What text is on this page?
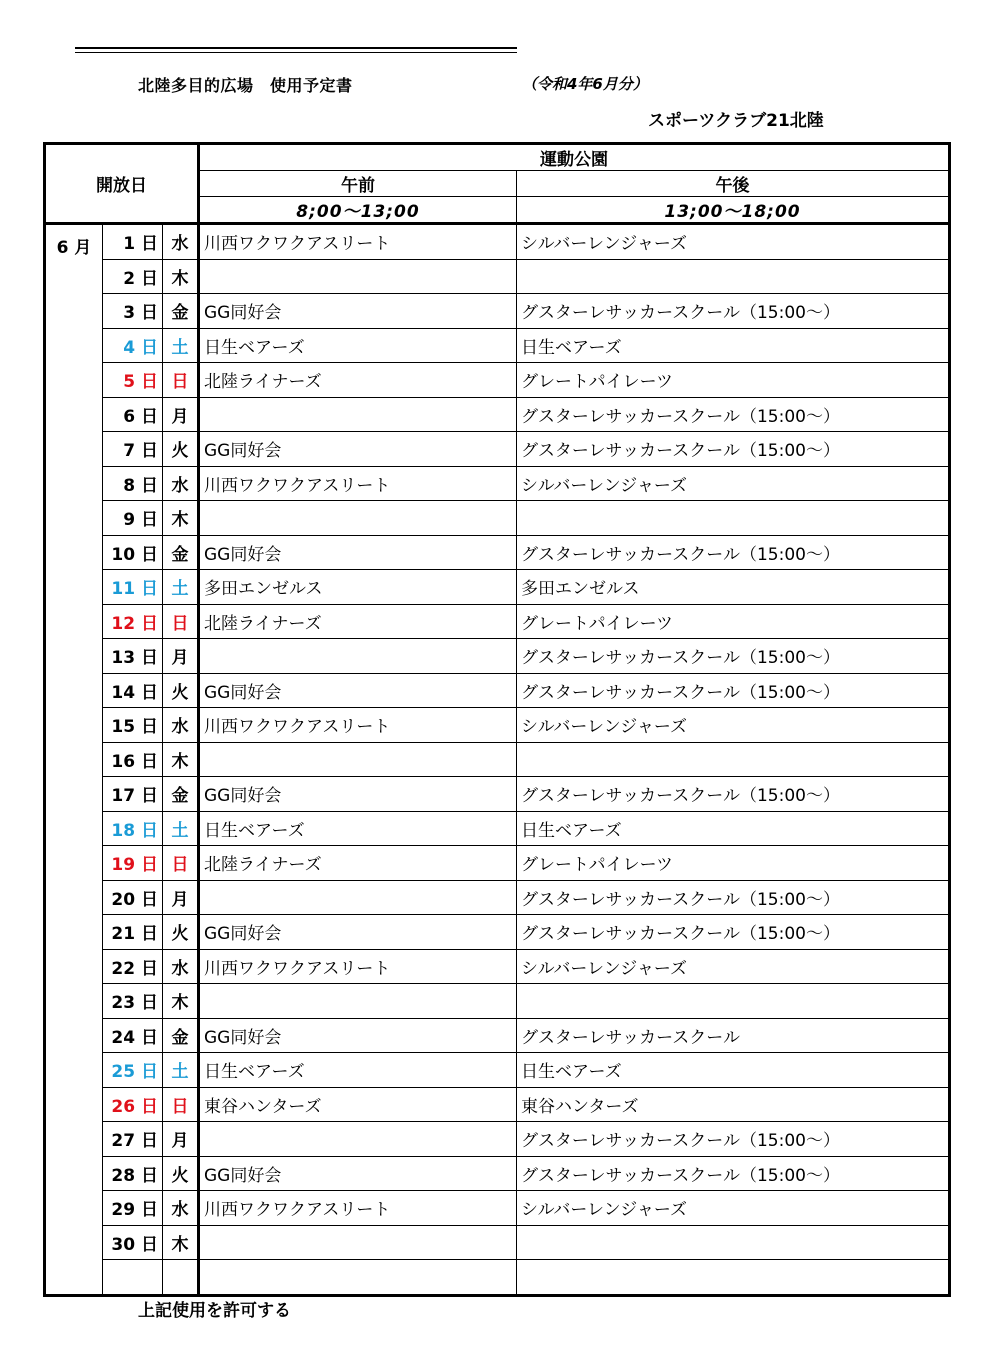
北陸多目的広場　使用予定書	（令和4年6月分）
スポーツクラブ21北陸
開放日			運動公園	
			午前	午後
			8;00～13;00	13;00～18;00
6 月	1 日	水	川西ワクワクアスリート	シルバーレンジャーズ
	2 日	木		
	3 日	金	GG同好会	グスターレサッカースクール（15:00～）
	4 日	土	日生ベアーズ	日生ベアーズ
	5 日	日	北陸ライナーズ	グレートパイレーツ
	6 日	月		グスターレサッカースクール（15:00～）
	7 日	火	GG同好会	グスターレサッカースクール（15:00～）
	8 日	水	川西ワクワクアスリート	シルバーレンジャーズ
	9 日	木		
	10 日	金	GG同好会	グスターレサッカースクール（15:00～）
	11 日	土	多田エンゼルス	多田エンゼルス
	12 日	日	北陸ライナーズ	グレートパイレーツ
	13 日	月		グスターレサッカースクール（15:00～）
	14 日	火	GG同好会	グスターレサッカースクール（15:00～）
	15 日	水	川西ワクワクアスリート	シルバーレンジャーズ
	16 日	木		
	17 日	金	GG同好会	グスターレサッカースクール（15:00～）
	18 日	土	日生ベアーズ	日生ベアーズ
	19 日	日	北陸ライナーズ	グレートパイレーツ
	20 日	月		グスターレサッカースクール（15:00～）
	21 日	火	GG同好会	グスターレサッカースクール（15:00～）
	22 日	水	川西ワクワクアスリート	シルバーレンジャーズ
	23 日	木		
	24 日	金	GG同好会	グスターレサッカースクール
	25 日	土	日生ベアーズ	日生ベアーズ
	26 日	日	東谷ハンターズ	東谷ハンターズ
	27 日	月		グスターレサッカースクール（15:00～）
	28 日	火	GG同好会	グスターレサッカースクール（15:00～）
	29 日	水	川西ワクワクアスリート	シルバーレンジャーズ
	30 日	木		

上記使用を許可する
